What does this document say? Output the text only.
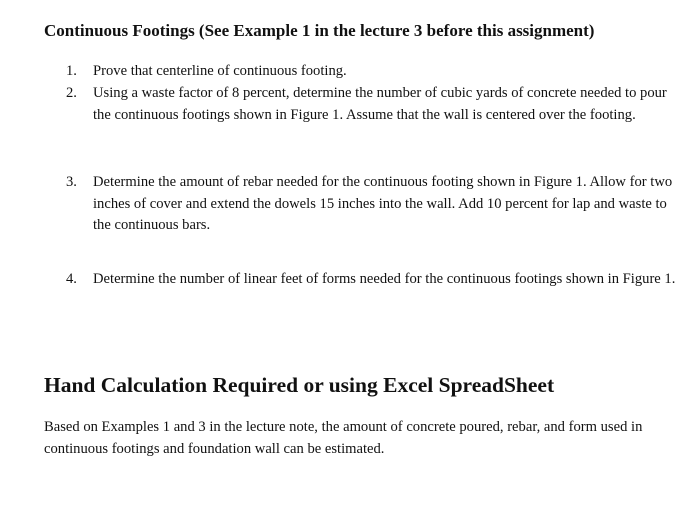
Continuous Footings (See Example 1 in the lecture 3 before this assignment)
1.	Prove that centerline of continuous footing.
2.	Using a waste factor of 8 percent, determine the number of cubic yards of concrete needed to pour the continuous footings shown in Figure 1. Assume that the wall is centered over the footing.
3.	Determine the amount of rebar needed for the continuous footing shown in Figure 1. Allow for two inches of cover and extend the dowels 15 inches into the wall. Add 10 percent for lap and waste to the continuous bars.
4.	Determine the number of linear feet of forms needed for the continuous footings shown in Figure 1.
Hand Calculation Required or using Excel SpreadSheet
Based on Examples 1 and 3 in the lecture note, the amount of concrete poured, rebar, and form used in continuous footings and foundation wall can be estimated.
